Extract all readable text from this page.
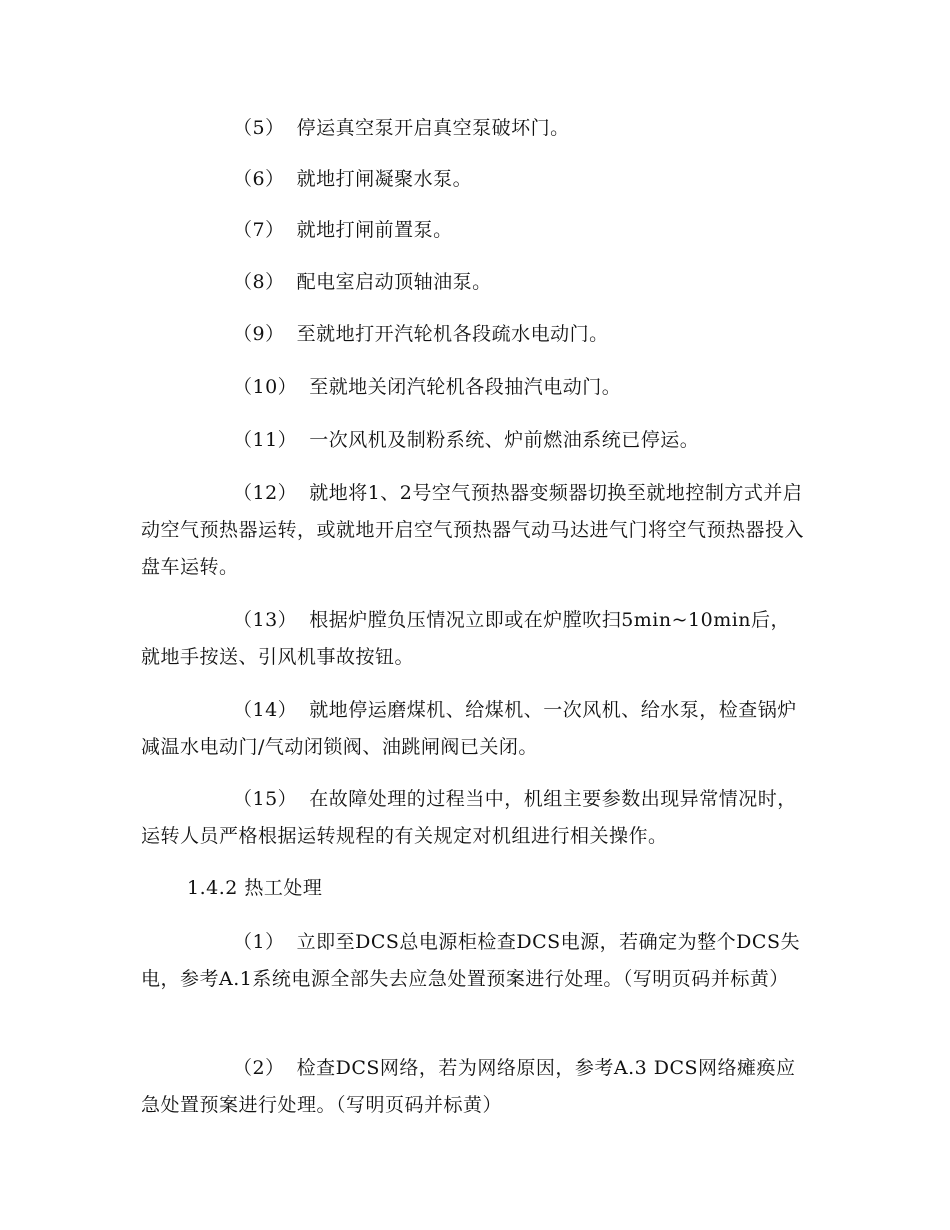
（5） 停运真空泵开启真空泵破坏门。
（6） 就地打闸凝聚水泵。
（7） 就地打闸前置泵。
（8） 配电室启动顶轴油泵。
（9） 至就地打开汽轮机各段疏水电动门。
（10） 至就地关闭汽轮机各段抽汽电动门。
（11） 一次风机及制粉系统、炉前燃油系统已停运。
（12） 就地将1、2号空气预热器变频器切换至就地控制方式并启动空气预热器运转，或就地开启空气预热器气动马达进气门将空气预热器投入盘车运转。
（13） 根据炉膛负压情况立即或在炉膛吹扫5min~10min后，就地手按送、引风机事故按钮。
（14） 就地停运磨煤机、给煤机、一次风机、给水泵，检查锅炉减温水电动门/气动闭锁阀、油跳闸阀已关闭。
（15） 在故障处理的过程当中，机组主要参数出现异常情况时，运转人员严格根据运转规程的有关规定对机组进行相关操作。
1.4.2 热工处理
（1） 立即至DCS总电源柜检查DCS电源，若确定为整个DCS失电，参考A.1系统电源全部失去应急处置预案进行处理。（写明页码并标黄）
（2） 检查DCS网络，若为网络原因，参考A.3 DCS网络瘫痪应急处置预案进行处理。（写明页码并标黄）
